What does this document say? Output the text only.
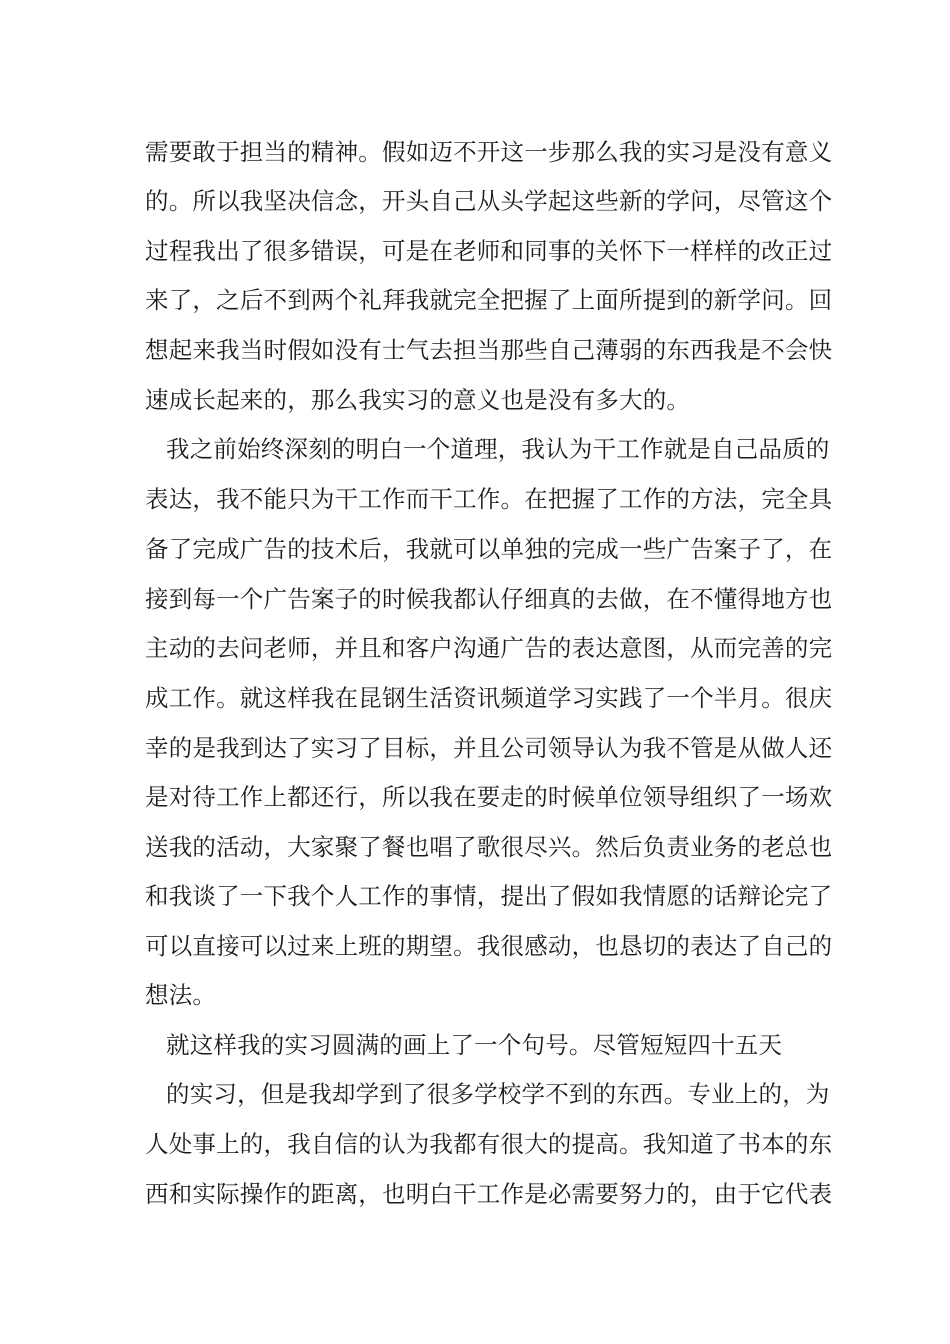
需要敢于担当的精神。假如迈不开这一步那么我的实习是没有意义
的。所以我坚决信念，开头自己从头学起这些新的学问，尽管这个
过程我出了很多错误，可是在老师和同事的关怀下一样样的改正过
来了，之后不到两个礼拜我就完全把握了上面所提到的新学问。回
想起来我当时假如没有士气去担当那些自己薄弱的东西我是不会快
速成长起来的，那么我实习的意义也是没有多大的。
我之前始终深刻的明白一个道理，我认为干工作就是自己品质的
表达，我不能只为干工作而干工作。在把握了工作的方法，完全具
备了完成广告的技术后，我就可以单独的完成一些广告案子了，在
接到每一个广告案子的时候我都认仔细真的去做，在不懂得地方也
主动的去问老师，并且和客户沟通广告的表达意图，从而完善的完
成工作。就这样我在昆钢生活资讯频道学习实践了一个半月。很庆
幸的是我到达了实习了目标，并且公司领导认为我不管是从做人还
是对待工作上都还行，所以我在要走的时候单位领导组织了一场欢
送我的活动，大家聚了餐也唱了歌很尽兴。然后负责业务的老总也
和我谈了一下我个人工作的事情，提出了假如我情愿的话辩论完了
可以直接可以过来上班的期望。我很感动，也恳切的表达了自己的
想法。
就这样我的实习圆满的画上了一个句号。尽管短短四十五天
的实习，但是我却学到了很多学校学不到的东西。专业上的，为
人处事上的，我自信的认为我都有很大的提高。我知道了书本的东
西和实际操作的距离，也明白干工作是必需要努力的，由于它代表
